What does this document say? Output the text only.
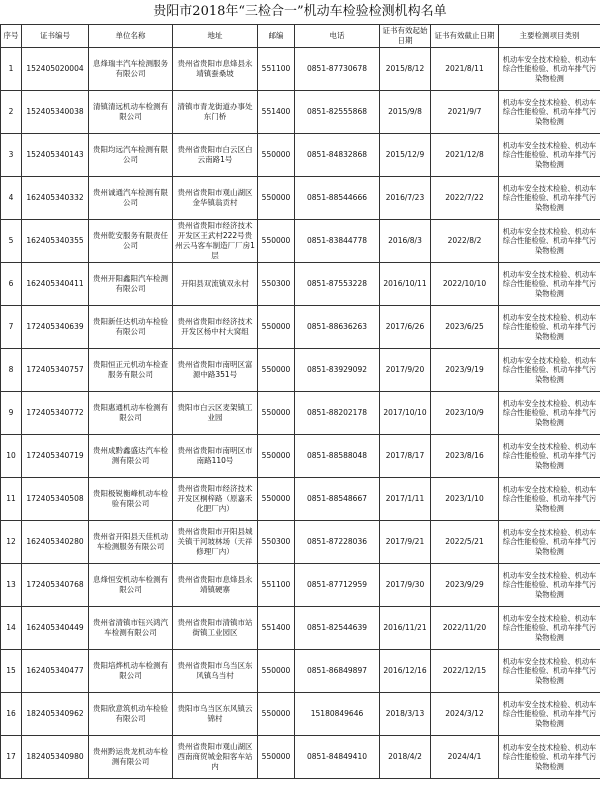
贵阳市2018年“三检合一”机动车检验检测机构名单
序号	证书编号	单位名称	地址	邮编	电话	证书有效起始日期	证书有效截止日期	主要检测项目类别
1	152405020004	息烽瑞丰汽车检测服务有限公司	贵州省贵阳市息烽县永靖镇蚕桑坡	551100	0851-87730678	2015/8/12	2021/8/11	机动车安全技术检验、机动车综合性能检验、机动车排气污染物检测
2	152405340038	清镇清远机动车检测有限公司	清镇市青龙街道办事处东门桥	551400	0851-82555868	2015/9/8	2021/9/7	机动车安全技术检验、机动车综合性能检验、机动车排气污染物检测
3	152405340143	贵阳均远汽车检测有限公司	贵州省贵阳市白云区白云南路1号	550000	0851-84832868	2015/12/9	2021/12/8	机动车安全技术检验、机动车综合性能检验、机动车排气污染物检测
4	162405340332	贵州诚通汽车检测有限公司	贵州省贵阳市观山湖区金华镇翁贡村	550000	0851-88544666	2016/7/23	2022/7/22	机动车安全技术检验、机动车综合性能检验、机动车排气污染物检测
5	162405340355	贵州乾安服务有限责任公司	贵州省贵阳市经济技术开发区王武村222号贵州云马客车制造厂厂房1层	550000	0851-83844778	2016/8/3	2022/8/2	机动车安全技术检验、机动车综合性能检验、机动车排气污染物检测
6	162405340411	贵州开阳鑫阳汽车检测有限公司	开阳县双流镇双永村	550300	0851-87553228	2016/10/11	2022/10/10	机动车安全技术检验、机动车综合性能检验、机动车排气污染物检测
7	172405340639	贵阳新任达机动车检验有限公司	贵州省贵阳市经济技术开发区杨中村大窝组	550000	0851-88636263	2017/6/26	2023/6/25	机动车安全技术检验、机动车综合性能检验、机动车排气污染物检测
8	172405340757	贵阳恒正元机动车检查服务有限公司	贵州省贵阳市南明区富源中路351号	550000	0851-83929092	2017/9/20	2023/9/19	机动车安全技术检验、机动车综合性能检验、机动车排气污染物检测
9	172405340772	贵阳惠通机动车检测有限公司	贵阳市白云区麦架镇工业园	550000	0851-88202178	2017/10/10	2023/10/9	机动车安全技术检验、机动车综合性能检验、机动车排气污染物检测
10	172405340719	贵州成黔鑫盛达汽车检测有限公司	贵州省贵阳市南明区市南路110号	550000	0851-88588048	2017/8/17	2023/8/16	机动车安全技术检验、机动车综合性能检验、机动车排气污染物检测
11	172405340508	贵阳极锐衡峰机动车检验有限公司	贵州省贵阳市经济技术开发区桐梓路（原嘉禾化肥厂内）	550000	0851-88548667	2017/1/11	2023/1/10	机动车安全技术检验、机动车综合性能检验、机动车排气污染物检测
12	162405340280	贵州省开阳县天佳机动车检测服务有限公司	贵州省贵阳市开阳县城关镇干河坡林场（天祥修理厂内）	550300	0851-87228036	2017/9/21	2022/5/21	机动车安全技术检验、机动车综合性能检验、机动车排气污染物检测
13	172405340768	息烽恒安机动车检测有限公司	贵州省贵阳市息烽县永靖镇硬寨	551100	0851-87712959	2017/9/30	2023/9/29	机动车安全技术检验、机动车综合性能检验、机动车排气污染物检测
14	162405340449	贵州省清镇市钰兴鸿汽车检测有限公司	贵州省贵阳市清镇市站街镇工业园区	551400	0851-82544639	2016/11/21	2022/11/20	机动车安全技术检验、机动车综合性能检验、机动车排气污染物检测
15	162405340477	贵阳培烨机动车检测有限公司	贵州省贵阳市乌当区东风镇乌当村	550000	0851-86849897	2016/12/16	2022/12/15	机动车安全技术检验、机动车综合性能检验、机动车排气污染物检测
16	182405340962	贵阳欣意筑机动车检验有限公司	贵阳市乌当区东风镇云锦村	550000	15180849646	2018/3/13	2024/3/12	机动车安全技术检验、机动车综合性能检验、机动车排气污染物检测
17	182405340980	贵州黔运贵龙机动车检测有限公司	贵州省贵阳市观山湖区西南商贸城金阳客车站内	550000	0851-84849410	2018/4/2	2024/4/1	机动车安全技术检验、机动车综合性能检验、机动车排气污染物检测
